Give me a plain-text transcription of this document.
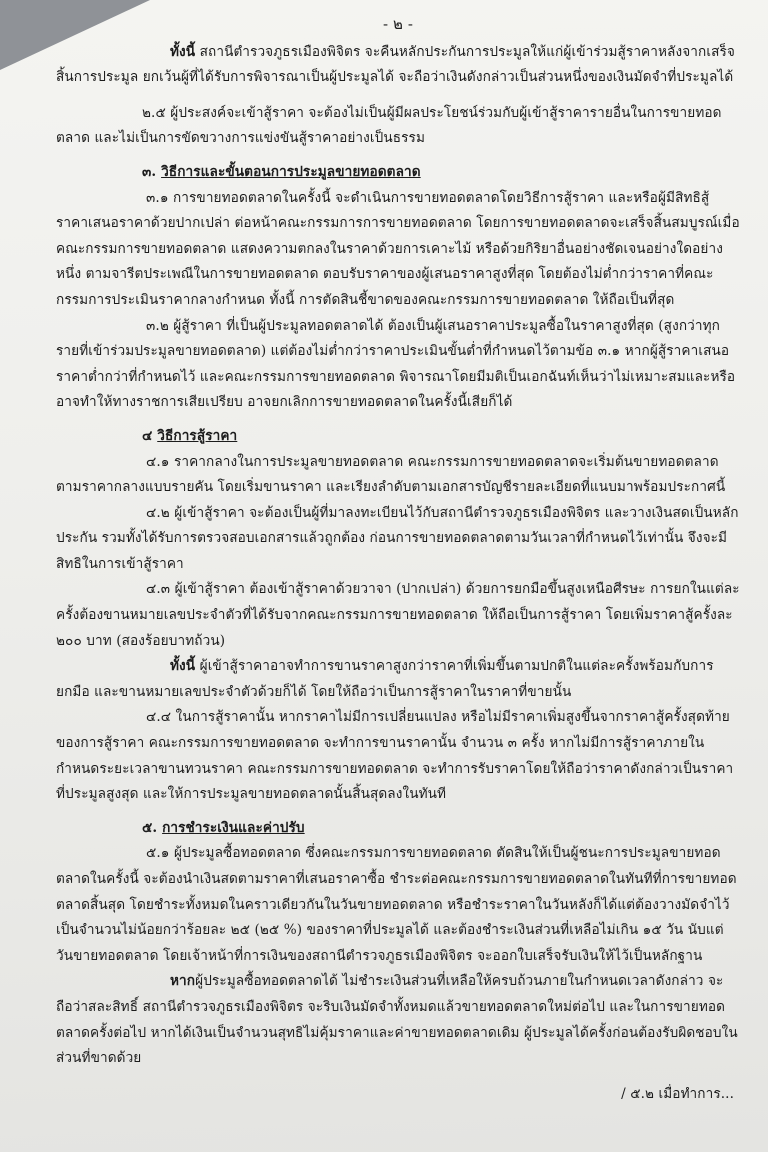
- ๒ -

ทั้งนี้ สถานีตำรวจภูธรเมืองพิจิตร จะคืนหลักประกันการประมูลให้แก่ผู้เข้าร่วมสู้ราคาหลังจากเสร็จสิ้นการประมูล ยกเว้นผู้ที่ได้รับการพิจารณาเป็นผู้ประมูลได้ จะถือว่าเงินดังกล่าวเป็นส่วนหนึ่งของเงินมัดจำที่ประมูลได้

๒.๕ ผู้ประสงค์จะเข้าสู้ราคา จะต้องไม่เป็นผู้มีผลประโยชน์ร่วมกับผู้เข้าสู้ราคารายอื่นในการขายทอดตลาด และไม่เป็นการขัดขวางการแข่งขันสู้ราคาอย่างเป็นธรรม

๓. วิธีการและขั้นตอนการประมูลขายทอดตลาด

๓.๑ การขายทอดตลาดในครั้งนี้ จะดำเนินการขายทอดตลาดโดยวิธีการสู้ราคา และหรือผู้มีสิทธิสู้ราคาเสนอราคาด้วยปากเปล่า ต่อหน้าคณะกรรมการการขายทอดตลาด โดยการขายทอดตลาดจะเสร็จสิ้นสมบูรณ์เมื่อคณะกรรมการขายทอดตลาด แสดงความตกลงในราคาด้วยการเคาะไม้ หรือด้วยกิริยาอื่นอย่างชัดเจนอย่างใดอย่างหนึ่ง ตามจารีตประเพณีในการขายทอดตลาด ตอบรับราคาของผู้เสนอราคาสูงที่สุด โดยต้องไม่ต่ำกว่าราคาที่คณะกรรมการประเมินราคากลางกำหนด ทั้งนี้ การตัดสินชี้ขาดของคณะกรรมการขายทอดตลาด ให้ถือเป็นที่สุด

๓.๒ ผู้สู้ราคา ที่เป็นผู้ประมูลทอดตลาดได้ ต้องเป็นผู้เสนอราคาประมูลซื้อในราคาสูงที่สุด (สูงกว่าทุกรายที่เข้าร่วมประมูลขายทอดตลาด) แต่ต้องไม่ต่ำกว่าราคาประเมินขั้นต่ำที่กำหนดไว้ตามข้อ ๓.๑ หากผู้สู้ราคาเสนอราคาต่ำกว่าที่กำหนดไว้ และคณะกรรมการขายทอดตลาด พิจารณาโดยมีมติเป็นเอกฉันท์เห็นว่าไม่เหมาะสมและหรืออาจทำให้ทางราชการเสียเปรียบ อาจยกเลิกการขายทอดตลาดในครั้งนี้เสียก็ได้

๔ วิธีการสู้ราคา

๔.๑ ราคากลางในการประมูลขายทอดตลาด คณะกรรมการขายทอดตลาดจะเริ่มต้นขายทอดตลาดตามราคากลางแบบรายคัน โดยเริ่มขานราคา และเรียงลำดับตามเอกสารบัญชีรายละเอียดที่แนบมาพร้อมประกาศนี้

๔.๒ ผู้เข้าสู้ราคา จะต้องเป็นผู้ที่มาลงทะเบียนไว้กับสถานีตำรวจภูธรเมืองพิจิตร และวางเงินสดเป็นหลักประกัน รวมทั้งได้รับการตรวจสอบเอกสารแล้วถูกต้อง ก่อนการขายทอดตลาดตามวันเวลาที่กำหนดไว้เท่านั้น จึงจะมีสิทธิในการเข้าสู้ราคา

๔.๓ ผู้เข้าสู้ราคา ต้องเข้าสู้ราคาด้วยวาจา (ปากเปล่า) ด้วยการยกมือขึ้นสูงเหนือศีรษะ การยกในแต่ละครั้งต้องขานหมายเลขประจำตัวที่ได้รับจากคณะกรรมการขายทอดตลาด ให้ถือเป็นการสู้ราคา โดยเพิ่มราคาสู้ครั้งละ ๒๐๐ บาท (สองร้อยบาทถ้วน)

ทั้งนี้ ผู้เข้าสู้ราคาอาจทำการขานราคาสูงกว่าราคาที่เพิ่มขึ้นตามปกติในแต่ละครั้งพร้อมกับการยกมือ และขานหมายเลขประจำตัวด้วยก็ได้ โดยให้ถือว่าเป็นการสู้ราคาในราคาที่ขายนั้น

๔.๔ ในการสู้ราคานั้น หากราคาไม่มีการเปลี่ยนแปลง หรือไม่มีราคาเพิ่มสูงขึ้นจากราคาสู้ครั้งสุดท้ายของการสู้ราคา คณะกรรมการขายทอดตลาด จะทำการขานราคานั้น จำนวน ๓ ครั้ง หากไม่มีการสู้ราคาภายในกำหนดระยะเวลาขานทวนราคา คณะกรรมการขายทอดตลาด จะทำการรับราคาโดยให้ถือว่าราคาดังกล่าวเป็นราคาที่ประมูลสูงสุด และให้การประมูลขายทอดตลาดนั้นสิ้นสุดลงในทันที

๕. การชำระเงินและค่าปรับ

๕.๑ ผู้ประมูลซื้อทอดตลาด ซึ่งคณะกรรมการขายทอดตลาด ตัดสินให้เป็นผู้ชนะการประมูลขายทอดตลาดในครั้งนี้ จะต้องนำเงินสดตามราคาที่เสนอราคาซื้อ ชำระต่อคณะกรรมการขายทอดตลาดในทันทีที่การขายทอดตลาดสิ้นสุด โดยชำระทั้งหมดในคราวเดียวกันในวันขายทอดตลาด หรือชำระราคาในวันหลังก็ได้แต่ต้องวางมัดจำไว้เป็นจำนวนไม่น้อยกว่าร้อยละ ๒๕ (๒๕ %) ของราคาที่ประมูลได้ และต้องชำระเงินส่วนที่เหลือไม่เกิน ๑๕ วัน นับแต่วันขายทอดตลาด โดยเจ้าหน้าที่การเงินของสถานีตำรวจภูธรเมืองพิจิตร จะออกใบเสร็จรับเงินให้ไว้เป็นหลักฐาน

หากผู้ประมูลซื้อทอดตลาดได้ ไม่ชำระเงินส่วนที่เหลือให้ครบถ้วนภายในกำหนดเวลาดังกล่าว จะถือว่าสละสิทธิ์ สถานีตำรวจภูธรเมืองพิจิตร จะริบเงินมัดจำทั้งหมดแล้วขายทอดตลาดใหม่ต่อไป และในการขายทอดตลาดครั้งต่อไป หากได้เงินเป็นจำนวนสุทธิไม่คุ้มราคาและค่าขายทอดตลาดเดิม ผู้ประมูลได้ครั้งก่อนต้องรับผิดชอบในส่วนที่ขาดด้วย

/ ๕.๒ เมื่อทำการ...
